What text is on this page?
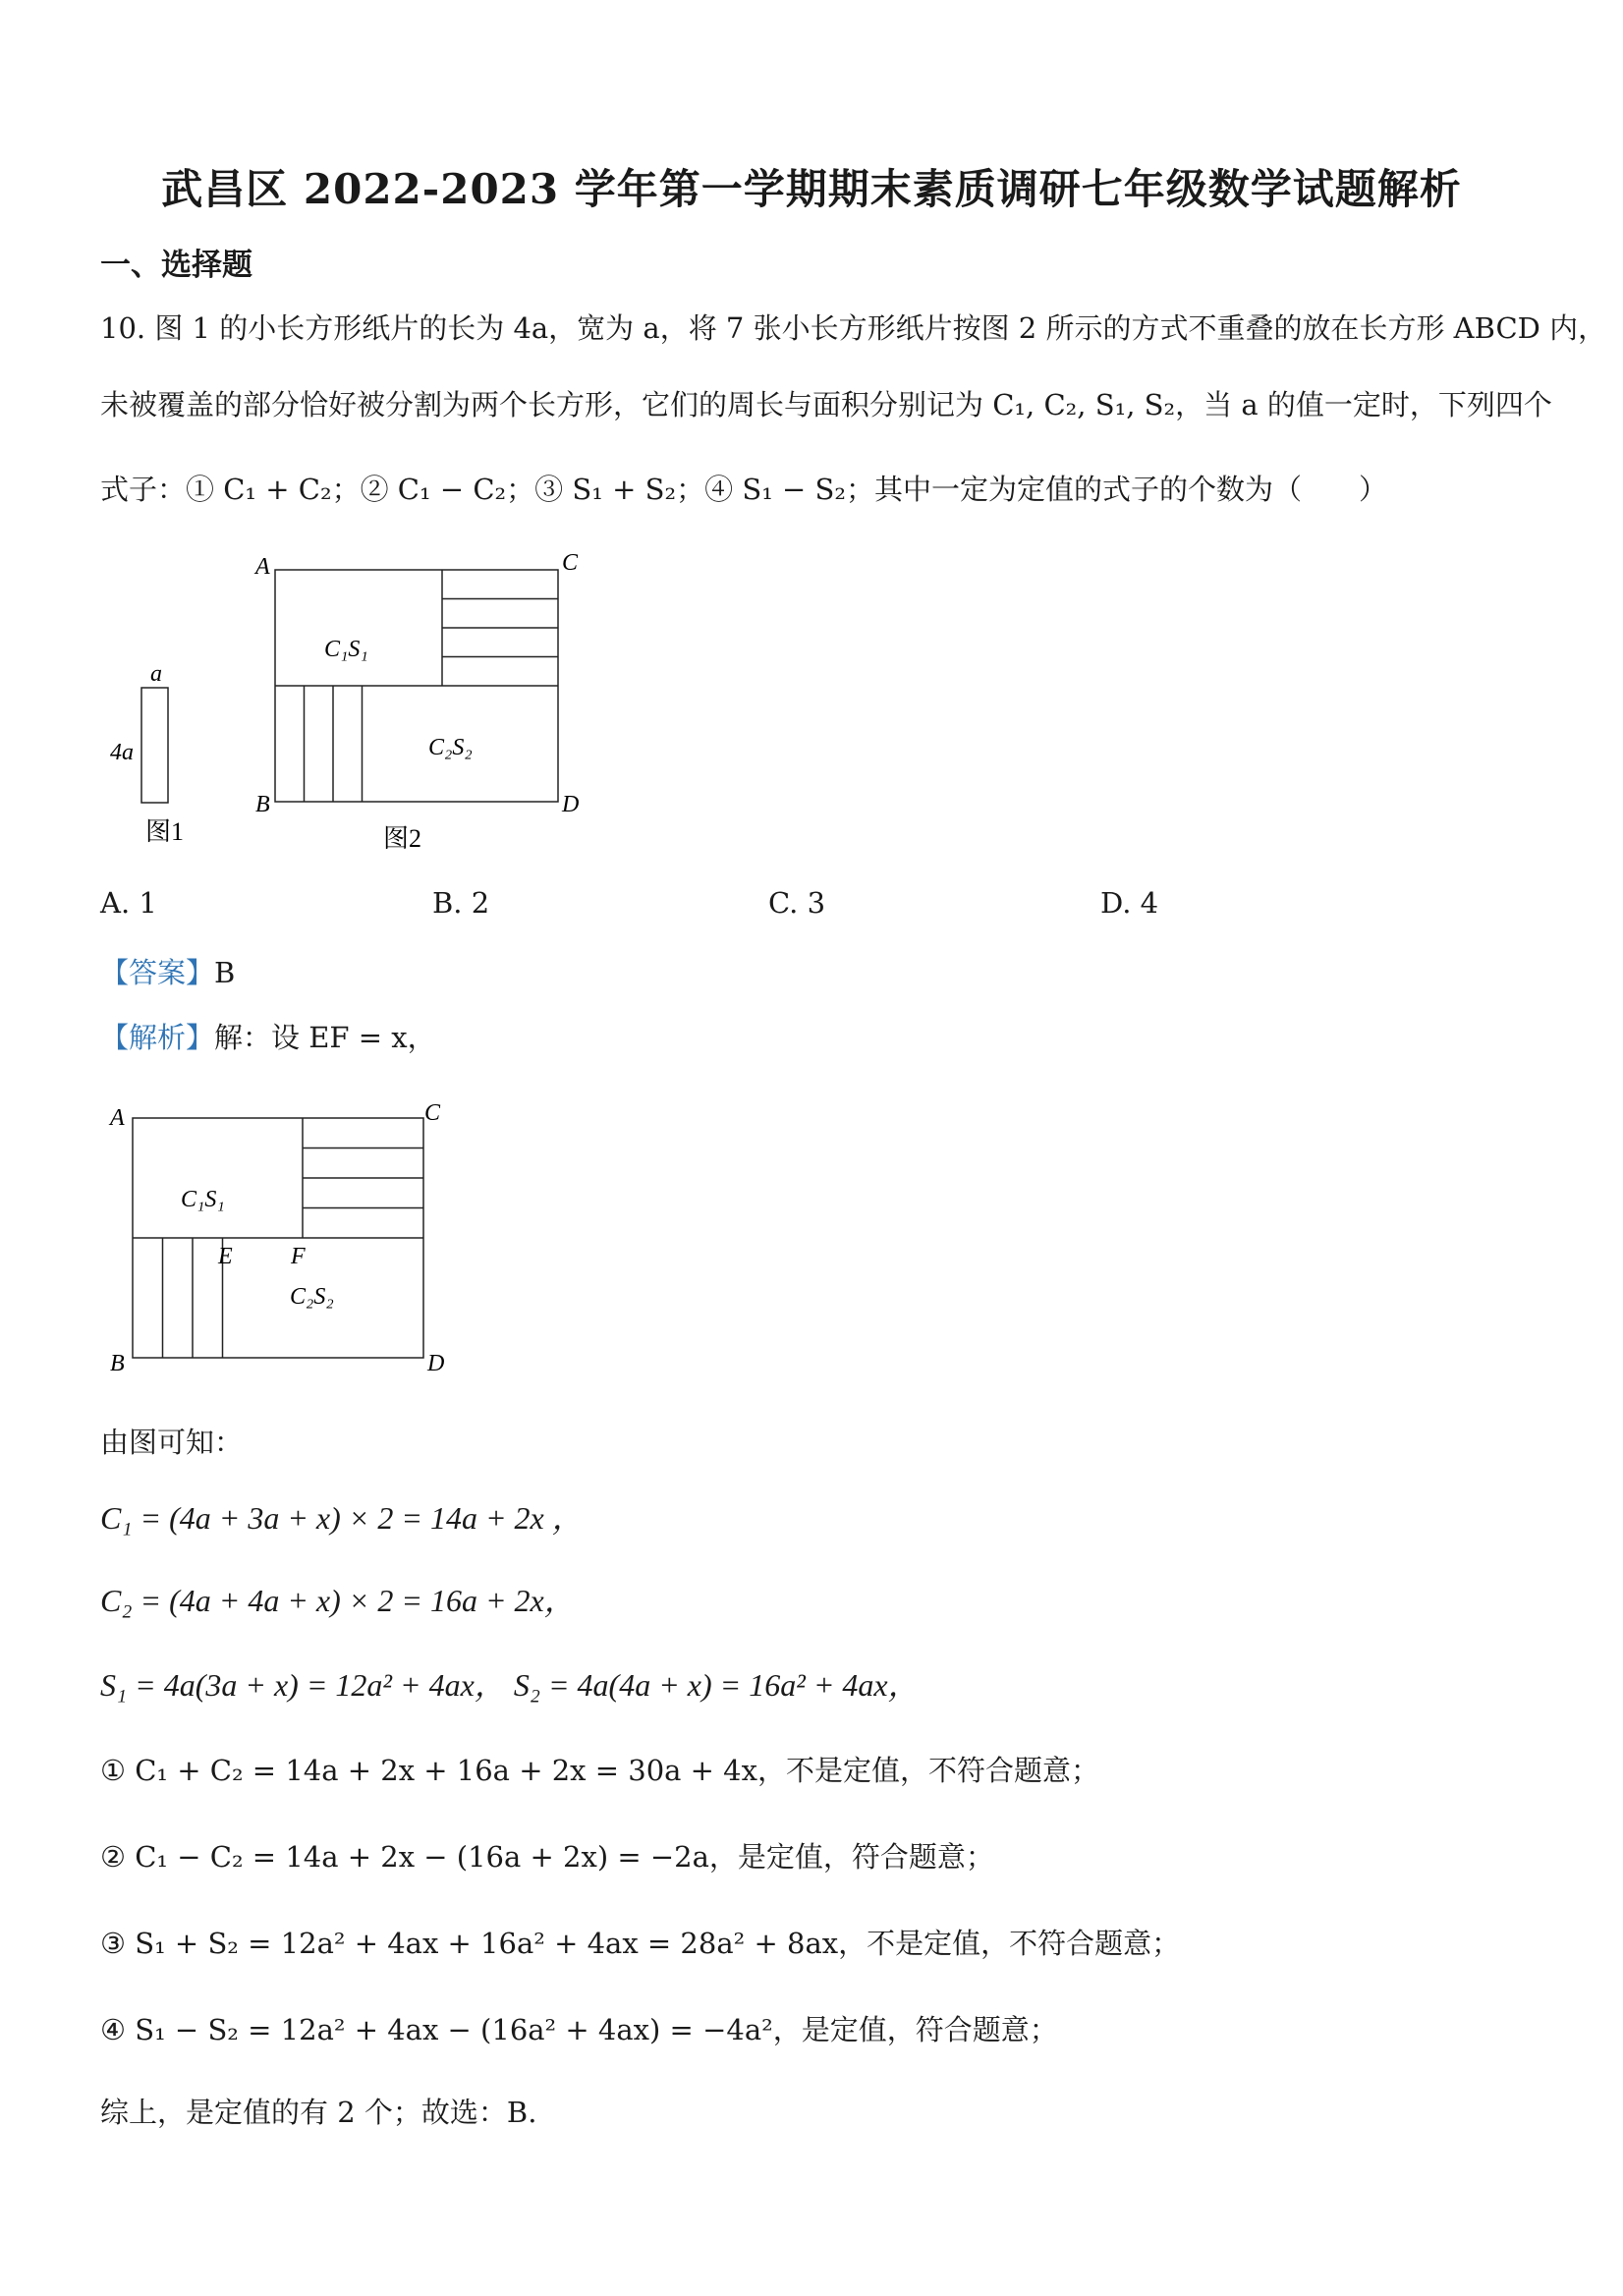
武昌区 2022-2023 学年第一学期期末素质调研七年级数学试题解析
一、选择题
10. 图 1 的小长方形纸片的长为 4a，宽为 a，将 7 张小长方形纸片按图 2 所示的方式不重叠的放在长方形 ABCD 内，
未被覆盖的部分恰好被分割为两个长方形，它们的周长与面积分别记为 C₁, C₂, S₁, S₂，当 a 的值一定时，下列四个
式子：① C₁ + C₂；② C₁ − C₂；③ S₁ + S₂；④ S₁ − S₂；其中一定为定值的式子的个数为（　　）
a
4a
图1
A	C
B	D
C₁S₁
C₂S₂
图2
A. 1	B. 2	C. 3	D. 4
【答案】B
【解析】解：设 EF = x，
A	C
B	D
E F
C₁S₁
C₂S₂
由图可知：
C₁ = (4a + 3a + x) × 2 = 14a + 2x ，
C₂ = (4a + 4a + x) × 2 = 16a + 2x，
S₁ = 4a(3a + x) = 12a² + 4ax， S₂ = 4a(4a + x) = 16a² + 4ax，
① C₁ + C₂ = 14a + 2x + 16a + 2x = 30a + 4x，不是定值，不符合题意；
② C₁ − C₂ = 14a + 2x − (16a + 2x) = −2a，是定值，符合题意；
③ S₁ + S₂ = 12a² + 4ax + 16a² + 4ax = 28a² + 8ax，不是定值，不符合题意；
④ S₁ − S₂ = 12a² + 4ax − (16a² + 4ax) = −4a²，是定值，符合题意；
综上，是定值的有 2 个；故选：B.
